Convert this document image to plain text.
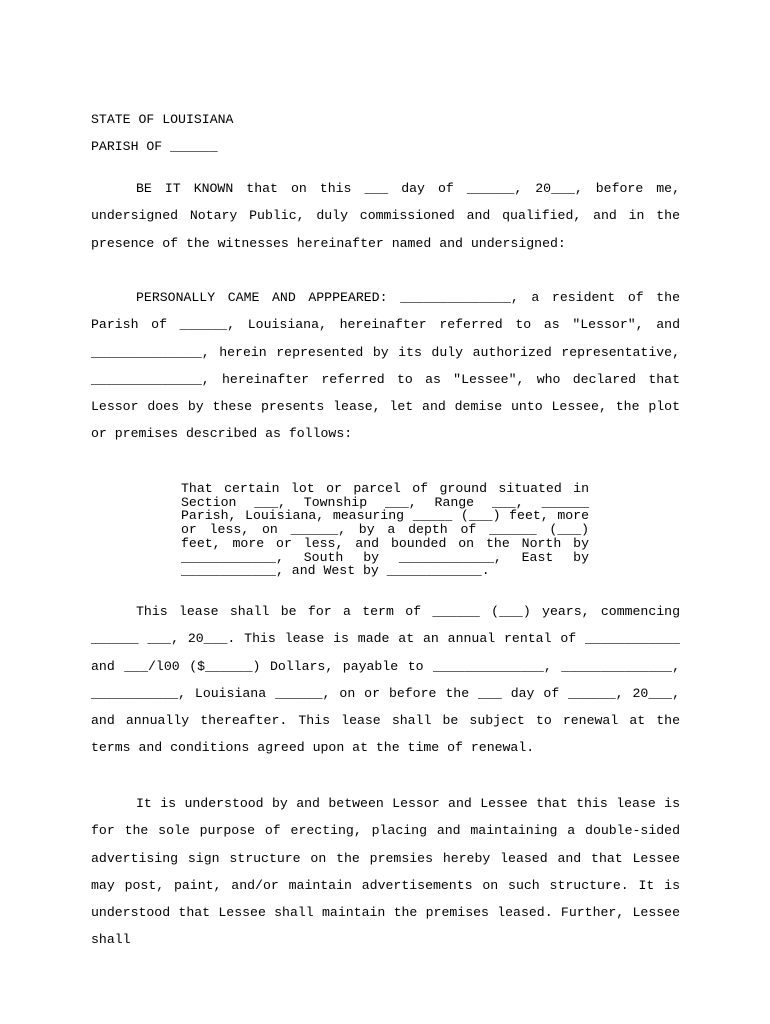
STATE OF LOUISIANA
PARISH OF ______

BE IT KNOWN that on this ___ day of ______, 20___, before me, undersigned Notary Public, duly commissioned and qualified, and in the presence of the witnesses hereinafter named and undersigned:

PERSONALLY CAME AND APPPEARED: ______________, a resident of the Parish of ______, Louisiana, hereinafter referred to as "Lessor", and ______________, herein represented by its duly authorized representative, ______________, hereinafter referred to as "Lessee", who declared that Lessor does by these presents lease, let and demise unto Lessee, the plot or premises described as follows:

That certain lot or parcel of ground situated in Section ___, Township ___, Range ___, ______ Parish, Louisiana, measuring _____ (___) feet, more or less, on ______, by a depth of ______ (___) feet, more or less, and bounded on the North by ____________, South by ____________, East by ____________, and West by ____________.

This lease shall be for a term of ______ (___) years, commencing ______ ___, 20___. This lease is made at an annual rental of ____________ and ___/l00 ($______) Dollars, payable to ______________, ______________, ___________, Louisiana ______, on or before the ___ day of ______, 20___, and annually thereafter. This lease shall be subject to renewal at the terms and conditions agreed upon at the time of renewal.

It is understood by and between Lessor and Lessee that this lease is for the sole purpose of erecting, placing and maintaining a double-sided advertising sign structure on the premsies hereby leased and that Lessee may post, paint, and/or maintain advertisements on such structure. It is understood that Lessee shall maintain the premises leased. Further, Lessee shall
